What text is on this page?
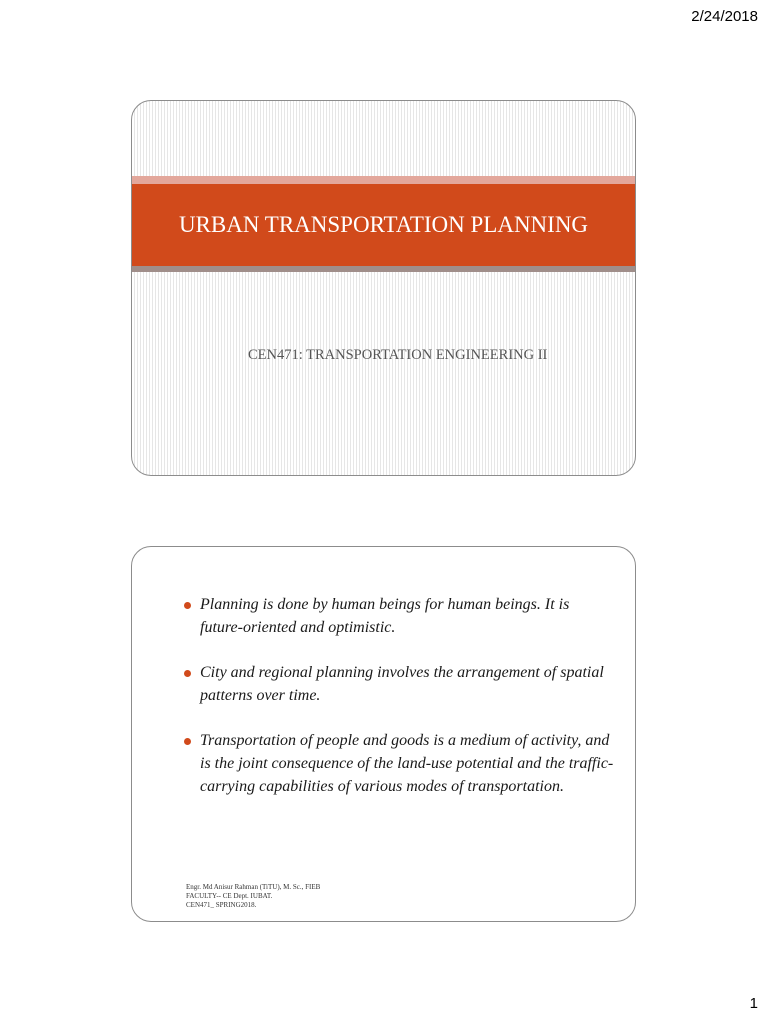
2/24/2018
URBAN TRANSPORTATION PLANNING
CEN471: TRANSPORTATION ENGINEERING II
Planning is done by human beings for human beings. It is future-oriented and optimistic.
City and regional planning involves the arrangement of spatial patterns over time.
Transportation of people and goods is a medium of activity, and is the joint consequence of the land-use potential and the traffic-carrying capabilities of various modes of transportation.
Engr. Md Anisur Rahman (TiTU), M. Sc., FIEB
FACULTY-- CE Dept. IUBAT.
CEN471_ SPRING2018.
1
